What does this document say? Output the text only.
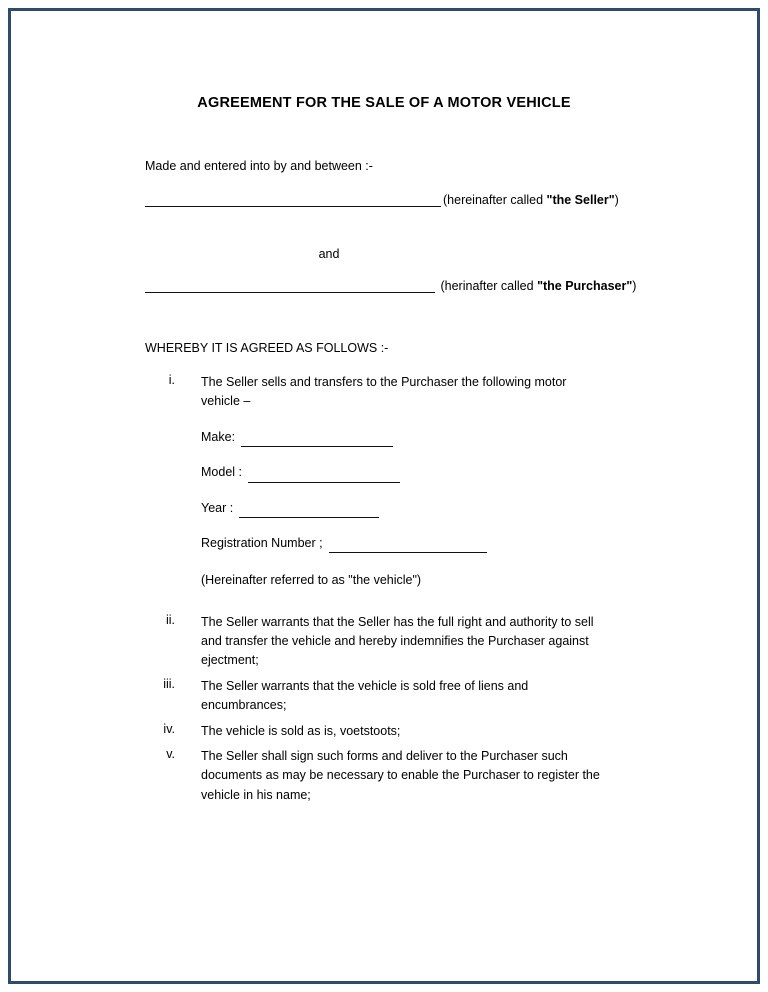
AGREEMENT FOR THE SALE OF A MOTOR VEHICLE
Made and entered into by and between :-
(hereinafter called "the Seller")
and
(herinafter called "the Purchaser")
WHEREBY IT IS AGREED AS FOLLOWS :-
i.	The Seller sells and transfers to the Purchaser the following motor vehicle –
Make:
Model :
Year :
Registration Number ;
(Hereinafter referred to as "the vehicle")
ii.	The Seller warrants that the Seller has the full right and authority to sell and transfer the vehicle and hereby indemnifies the Purchaser against ejectment;
iii.	The Seller warrants that the vehicle is sold free of liens and encumbrances;
iv.	The vehicle is sold as is, voetstoots;
v.	The Seller shall sign such forms and deliver to the Purchaser such documents as may be necessary to enable the Purchaser to register the vehicle in his name;
